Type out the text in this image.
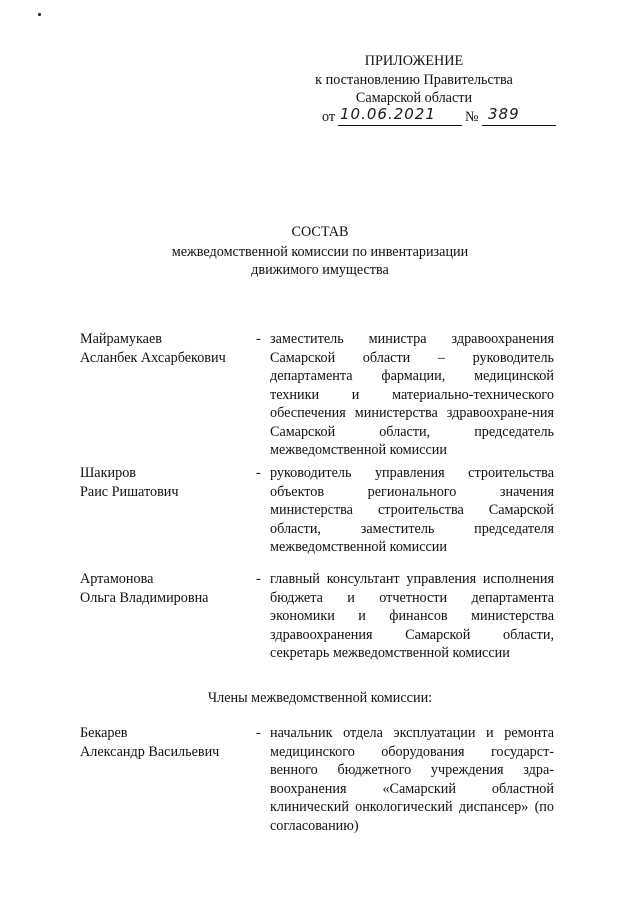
ПРИЛОЖЕНИЕ
к постановлению Правительства
Самарской области
от 10.06.2021 № 389
СОСТАВ
межведомственной комиссии по инвентаризации
движимого имущества
Майрамукаев
Асланбек Ахсарбекович
- заместитель министра здравоохранения Самарской области – руководитель департамента фармации, медицинской техники и материально-технического обеспечения министерства здравоохране-ния Самарской области, председатель межведомственной комиссии
Шакиров
Раис Ришатович
- руководитель управления строительства объектов регионального значения министерства строительства Самарской области, заместитель председателя межведомственной комиссии
Артамонова
Ольга Владимировна
- главный консультант управления исполнения бюджета и отчетности департамента экономики и финансов министерства здравоохранения Самарской области, секретарь межведомственной комиссии
Члены межведомственной комиссии:
Бекарев
Александр Васильевич
- начальник отдела эксплуатации и ремонта медицинского оборудования государст-венного бюджетного учреждения здра-воохранения «Самарский областной клинический онкологический диспансер» (по согласованию)
